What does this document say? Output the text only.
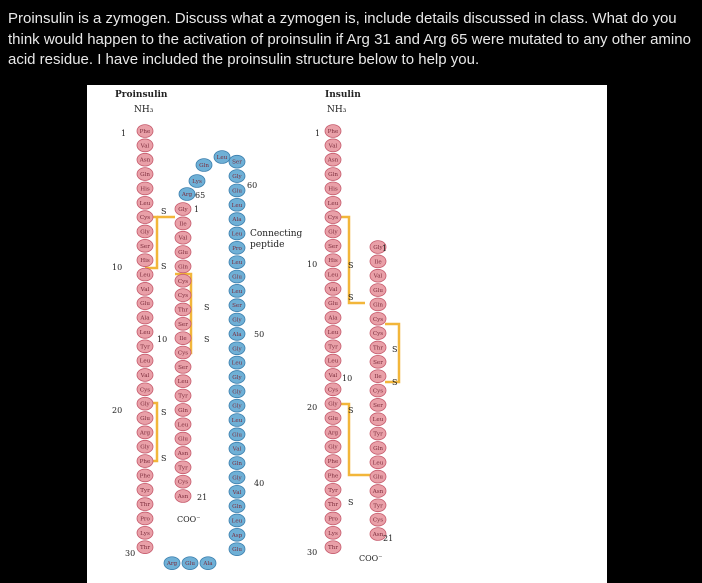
Proinsulin is a zymogen. Discuss what a zymogen is, include details discussed in class. What do you think would happen to the activation of proinsulin if Arg 31 and Arg 65 were mutated to any other amino acid residue. I have included the proinsulin structure below to help you.

Phe
Val
Asn
Gln
His
Leu
Cys
Gly
Ser
His
Leu
Val
Glu
Ala
Leu
Tyr
Leu
Val
Cys
Gly
Glu
Arg
Gly
Phe
Phe
Tyr
Thr
Pro
Lys
Thr
Arg Glu Ala
Glu
Asp
Leu
Gln
Val
Gly
Gln
Val
Glu
Leu
Gly
Gly
Gly
Leu
Gly
Ala
Gly
Ser
Leu
Glu
Leu
Pro
Leu
Ala
Leu
Glu
Gly
Ser
Leu
Gln
Lys
Arg
Gly
Ile
Val
Glu
Gln
Cys
Cys
Thr
Ser
Ile
Cys
Ser
Leu
Tyr
Gln
Leu
Glu
Asn
Tyr
Cys
Asn
Phe
Val
Asn
Gln
His
Leu
Cys
Gly
Ser
His
Leu
Val
Glu
Ala
Leu
Tyr
Leu
Val
Cys
Gly
Glu
Arg
Gly
Phe
Phe
Tyr
Thr
Pro
Lys
Thr
Gly
Ile
Val
Glu
Gln
Cys
Cys
Thr
Ser
Ile
Cys
Ser
Leu
Tyr
Gln
Leu
Glu
Asn
Tyr
Cys
Asn
Proinsulin
NH₃
COO⁻
Connecting
peptide
1
10
20
30
60
50
40
65
1
10
21
S
S
S
S
S
S
Insulin
NH₃
COO⁻
1
10
20
30
1
10
21
S
S
S
S
S
S
